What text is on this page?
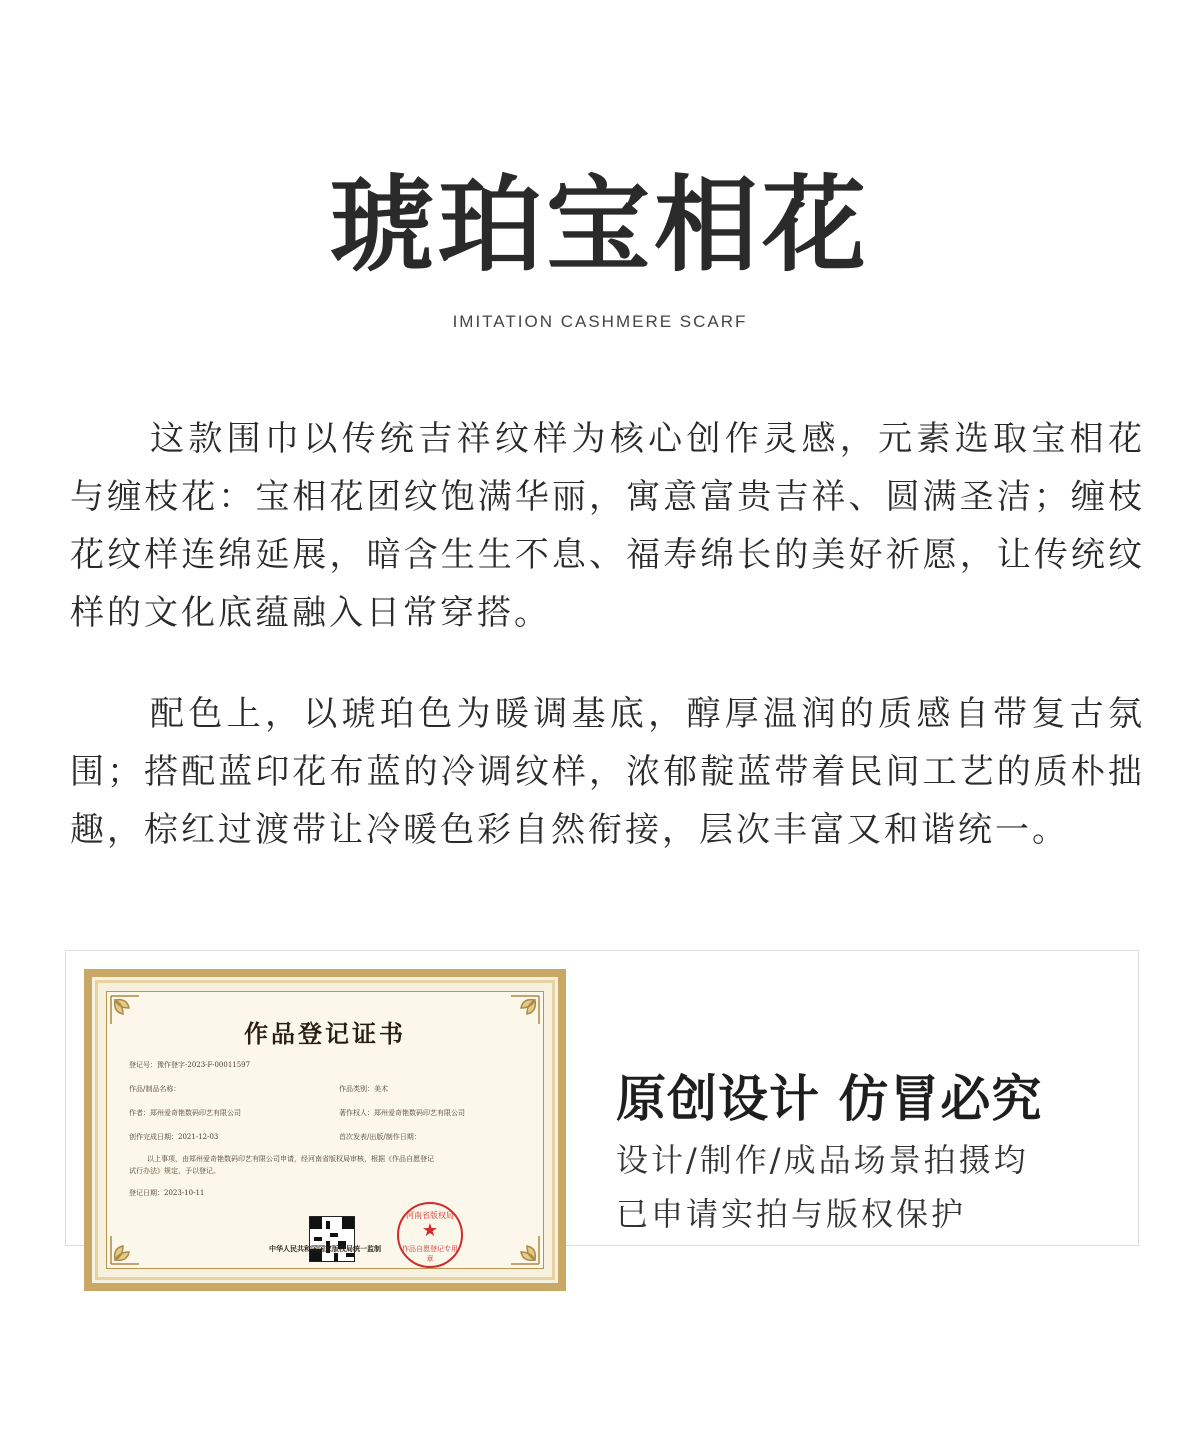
琥珀宝相花
IMITATION CASHMERE SCARF

这款围巾以传统吉祥纹样为核心创作灵感，元素选取宝相花与缠枝花：宝相花团纹饱满华丽，寓意富贵吉祥、圆满圣洁；缠枝花纹样连绵延展，暗含生生不息、福寿绵长的美好祈愿，让传统纹样的文化底蕴融入日常穿搭。

配色上，以琥珀色为暖调基底，醇厚温润的质感自带复古氛围；搭配蓝印花布蓝的冷调纹样，浓郁靛蓝带着民间工艺的质朴拙趣，棕红过渡带让冷暖色彩自然衔接，层次丰富又和谐统一。

作品登记证书
登记号：豫作登字-2023-F-00011597
作品/制品名称：	作品类别：美术
作者：郑州爱奇艳数码印艺有限公司	著作权人：郑州爱奇艳数码印艺有限公司
创作完成日期：2021-12-03	首次发表/出版/制作日期：
以上事项，由郑州爱奇艳数码印艺有限公司申请，经河南省版权局审核，根据《作品自愿登记
试行办法》规定，予以登记。
登记日期：2023-10-11
河南省版权局
★
作品自愿登记专用章
中华人民共和国国家版权局统一监制
原创设计 仿冒必究
设计/制作/成品场景拍摄均
已申请实拍与版权保护
